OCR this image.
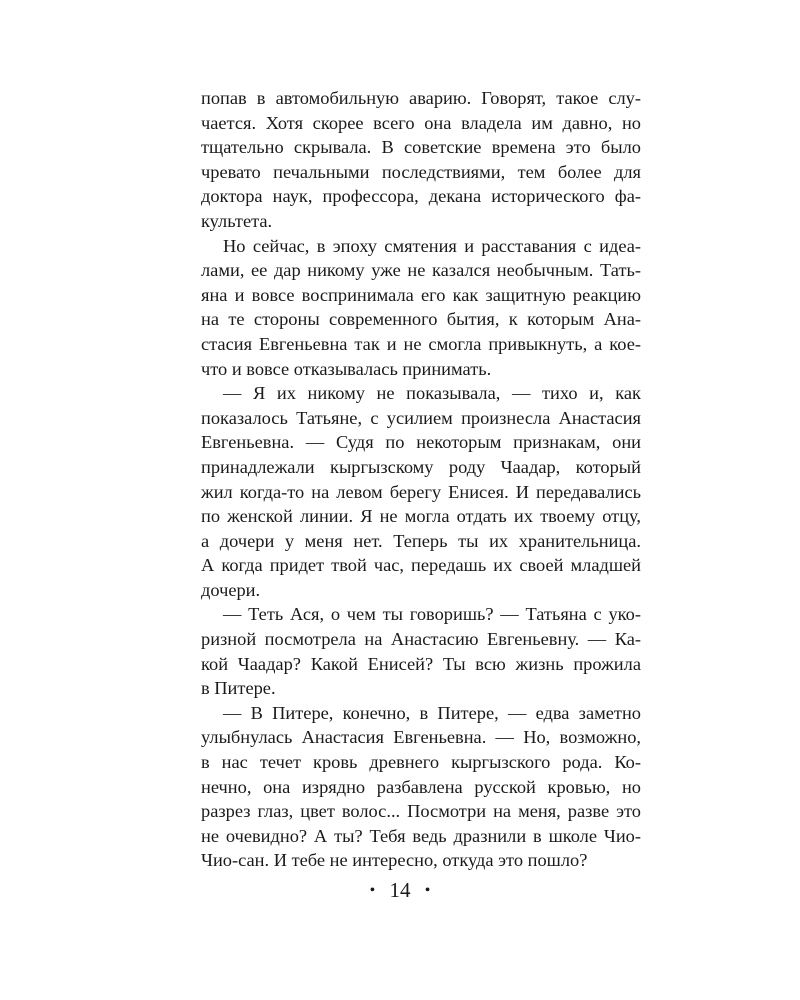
попав в автомобильную аварию. Говорят, такое слу-
чается. Хотя скорее всего она владела им давно, но
тщательно скрывала. В советские времена это было
чревато печальными последствиями, тем более для
доктора наук, профессора, декана исторического фа-
культета.
Но сейчас, в эпоху смятения и расставания с идеа-
лами, ее дар никому уже не казался необычным. Тать-
яна и вовсе воспринимала его как защитную реакцию
на те стороны современного бытия, к которым Ана-
стасия Евгеньевна так и не смогла привыкнуть, а кое-
что и вовсе отказывалась принимать.
— Я их никому не показывала, — тихо и, как
показалось Татьяне, с усилием произнесла Анастасия
Евгеньевна. — Судя по некоторым признакам, они
принадлежали кыргызскому роду Чаадар, который
жил когда-то на левом берегу Енисея. И передавались
по женской линии. Я не могла отдать их твоему отцу,
а дочери у меня нет. Теперь ты их хранительница.
А когда придет твой час, передашь их своей младшей
дочери.
— Теть Ася, о чем ты говоришь? — Татьяна с уко-
ризной посмотрела на Анастасию Евгеньевну. — Ка-
кой Чаадар? Какой Енисей? Ты всю жизнь прожила
в Питере.
— В Питере, конечно, в Питере, — едва заметно
улыбнулась Анастасия Евгеньевна. — Но, возможно,
в нас течет кровь древнего кыргызского рода. Ко-
нечно, она изрядно разбавлена русской кровью, но
разрез глаз, цвет волос... Посмотри на меня, разве это
не очевидно? А ты? Тебя ведь дразнили в школе Чио-
Чио-сан. И тебе не интересно, откуда это пошло?
• 14 •
